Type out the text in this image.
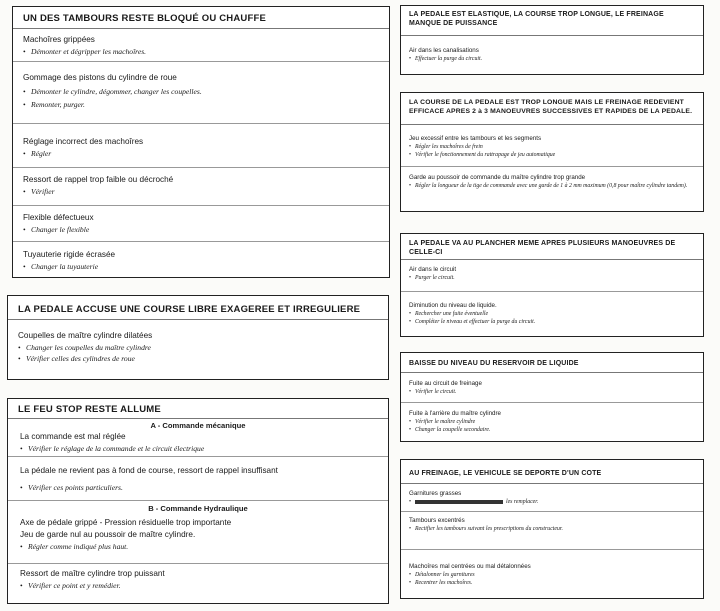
UN DES TAMBOURS RESTE BLOQUÉ OU CHAUFFE
Machoîres grippées
• Démonter et dégripper les machoîres.
Gommage des pistons du cylindre de roue
• Démonter le cylindre, dégommer, changer les coupelles.
• Remonter, purger.
Réglage incorrect des machoîres
• Régler
Ressort de rappel trop faible ou décroché
• Vérifier
Flexible défectueux
• Changer le flexible
Tuyauterie rigide écrasée
• Changer la tuyauterie
LA PEDALE ACCUSE UNE COURSE LIBRE EXAGEREE ET IRREGULIERE
Coupelles de maître cylindre dilatées
• Changer les coupelles du maître cylindre
• Vérifier celles des cylindres de roue
LE FEU STOP RESTE ALLUME
A - Commande mécanique
La commande est mal réglée
• Vérifier le réglage de la commande et le circuit électrique
La pédale ne revient pas à fond de course, ressort de rappel insuffisant
• Vérifier ces points particuliers.
B - Commande Hydraulique
Axe de pédale grippé - Pression résiduelle trop importante
Jeu de garde nul au poussoir de maître cylindre.
• Régler comme indiqué plus haut.
Ressort de maître cylindre trop puissant
• Vérifier ce point et y remédier.
LA PEDALE EST ELASTIQUE, LA COURSE TROP LONGUE, LE FREINAGE MANQUE DE PUISSANCE
Air dans les canalisations
• Effectuer la purge du circuit.
LA COURSE DE LA PEDALE EST TROP LONGUE MAIS LE FREINAGE REDEVIENT EFFICACE APRES 2 à 3 MANOEUVRES SUCCESSIVES ET RAPIDES DE LA PEDALE.
Jeu excessif entre les tambours et les segments
• Régler les machoîres de frein
• Vérifier le fonctionnement du rattrapage de jeu automatique
Garde au poussoir de commande du maître cylindre trop grande
• Régler la longueur de la tige de commande avec une garde de 1 à 2 mm maximum (0,8 pour maître cylindre tandem).
LA PEDALE VA AU PLANCHER MEME APRES PLUSIEURS MANOEUVRES DE CELLE-CI
Air dans le circuit
• Purger le circuit.
Diminution du niveau de liquide.
• Rechercher une fuite éventuelle
• Compléter le niveau et effectuer la purge du circuit.
BAISSE DU NIVEAU DU RESERVOIR DE LIQUIDE
Fuite au circuit de freinage
• Vérifier le circuit.
Fuite à l'arrière du maître cylindre
• Vérifier le maître cylindre
• Changer la coupelle secondaire.
AU FREINAGE, LE VEHICULE SE DEPORTE D'UN COTE
Garnitures grasses
• les remplacer.
Tambours excentrés
• Rectifier les tambours suivant les prescriptions du constructeur.
Machoîres mal centrées ou mal détalonnées
• Détalonner les garnitures
• Recentrer les machoîres.
